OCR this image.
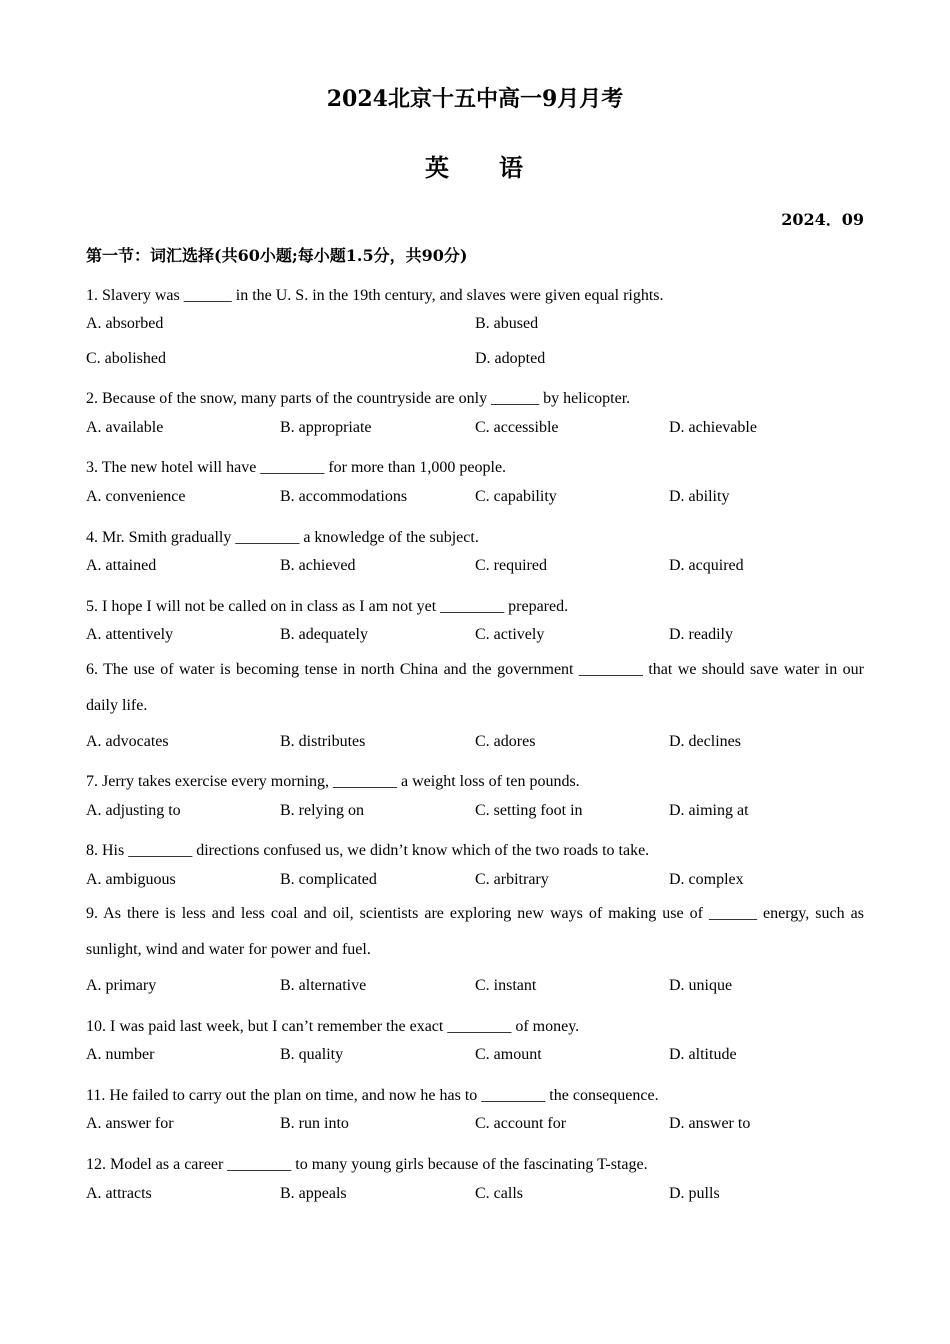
2024北京十五中高一9月月考
英 语
2024．09
第一节：词汇选择(共60小题;每小题1.5分，共90分)
1. Slavery was ______ in the U. S. in the 19th century, and slaves were given equal rights.
A. absorbed	B. abused
C. abolished	D. adopted
2. Because of the snow, many parts of the countryside are only ______ by helicopter.
A. available	B. appropriate	C. accessible	D. achievable
3. The new hotel will have ________ for more than 1,000 people.
A. convenience	B. accommodations	C. capability	D. ability
4. Mr. Smith gradually ________ a knowledge of the subject.
A. attained	B. achieved	C. required	D. acquired
5. I hope I will not be called on in class as I am not yet ________ prepared.
A. attentively	B. adequately	C. actively	D. readily
6. The use of water is becoming tense in north China and the government ________ that we should save water in our daily life.
A. advocates	B. distributes	C. adores	D. declines
7. Jerry takes exercise every morning, ________ a weight loss of ten pounds.
A. adjusting to	B. relying on	C. setting foot in	D. aiming at
8. His ________ directions confused us, we didn’t know which of the two roads to take.
A. ambiguous	B. complicated	C. arbitrary	D. complex
9. As there is less and less coal and oil, scientists are exploring new ways of making use of ______ energy, such as sunlight, wind and water for power and fuel.
A. primary	B. alternative	C. instant	D. unique
10. I was paid last week, but I can’t remember the exact ________ of money.
A. number	B. quality	C. amount	D. altitude
11. He failed to carry out the plan on time, and now he has to ________ the consequence.
A. answer for	B. run into	C. account for	D. answer to
12. Model as a career ________ to many young girls because of the fascinating T-stage.
A. attracts	B. appeals	C. calls	D. pulls
